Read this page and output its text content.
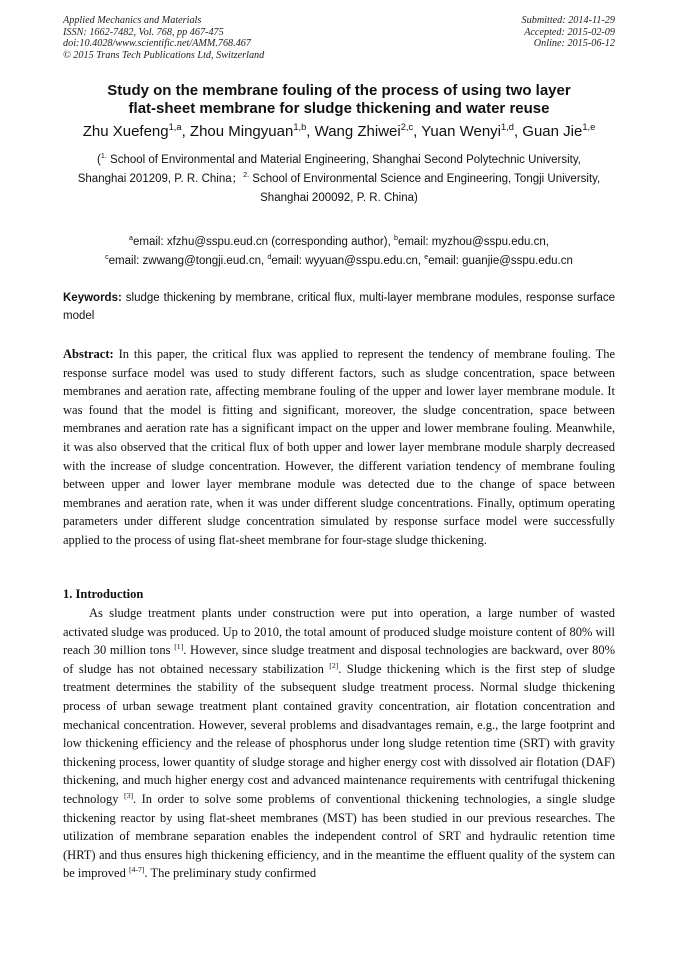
Applied Mechanics and Materials
ISSN: 1662-7482, Vol. 768, pp 467-475
doi:10.4028/www.scientific.net/AMM.768.467
© 2015 Trans Tech Publications Ltd, Switzerland
Submitted: 2014-11-29
Accepted: 2015-02-09
Online: 2015-06-12
Study on the membrane fouling of the process of using two layer
flat-sheet membrane for sludge thickening and water reuse
Zhu Xuefeng$^{1,a}$, Zhou Mingyuan$^{1,b}$, Wang Zhiwei$^{2,c}$, Yuan Wenyi$^{1,d}$, Guan Jie$^{1,e}$
($^{1.}$ School of Environmental and Material Engineering, Shanghai Second Polytechnic University, Shanghai 201209, P. R. China；$^{2.}$ School of Environmental Science and Engineering, Tongji University, Shanghai 200092, P. R. China)
$^a$email: xfzhu@sspu.eud.cn (corresponding author), $^b$email: myzhou@sspu.edu.cn,
$^c$email: zwwang@tongji.eud.cn, $^d$email: wyyuan@sspu.edu.cn, $^e$email: guanjie@sspu.edu.cn
Keywords: sludge thickening by membrane, critical flux, multi-layer membrane modules, response surface model
Abstract: In this paper, the critical flux was applied to represent the tendency of membrane fouling. The response surface model was used to study different factors, such as sludge concentration, space between membranes and aeration rate, affecting membrane fouling of the upper and lower layer membrane module. It was found that the model is fitting and significant, moreover, the sludge concentration, space between membranes and aeration rate has a significant impact on the upper and lower membrane fouling. Meanwhile, it was also observed that the critical flux of both upper and lower layer membrane module sharply decreased with the increase of sludge concentration. However, the different variation tendency of membrane fouling between upper and lower layer membrane module was detected due to the change of space between membranes and aeration rate, when it was under different sludge concentrations. Finally, optimum operating parameters under different sludge concentration simulated by response surface model were successfully applied to the process of using flat-sheet membrane for four-stage sludge thickening.
1. Introduction
As sludge treatment plants under construction were put into operation, a large number of wasted activated sludge was produced. Up to 2010, the total amount of produced sludge moisture content of 80% will reach 30 million tons [1]. However, since sludge treatment and disposal technologies are backward, over 80% of sludge has not obtained necessary stabilization [2]. Sludge thickening which is the first step of sludge treatment determines the stability of the subsequent sludge treatment process. Normal sludge thickening process of urban sewage treatment plant contained gravity concentration, air flotation concentration and mechanical concentration. However, several problems and disadvantages remain, e.g., the large footprint and low thickening efficiency and the release of phosphorus under long sludge retention time (SRT) with gravity thickening process, lower quantity of sludge storage and higher energy cost with dissolved air flotation (DAF) thickening, and much higher energy cost and advanced maintenance requirements with centrifugal thickening technology [3]. In order to solve some problems of conventional thickening technologies, a single sludge thickening reactor by using flat-sheet membranes (MST) has been studied in our previous researches. The utilization of membrane separation enables the independent control of SRT and hydraulic retention time (HRT) and thus ensures high thickening efficiency, and in the meantime the effluent quality of the system can be improved [4-7]. The preliminary study confirmed
